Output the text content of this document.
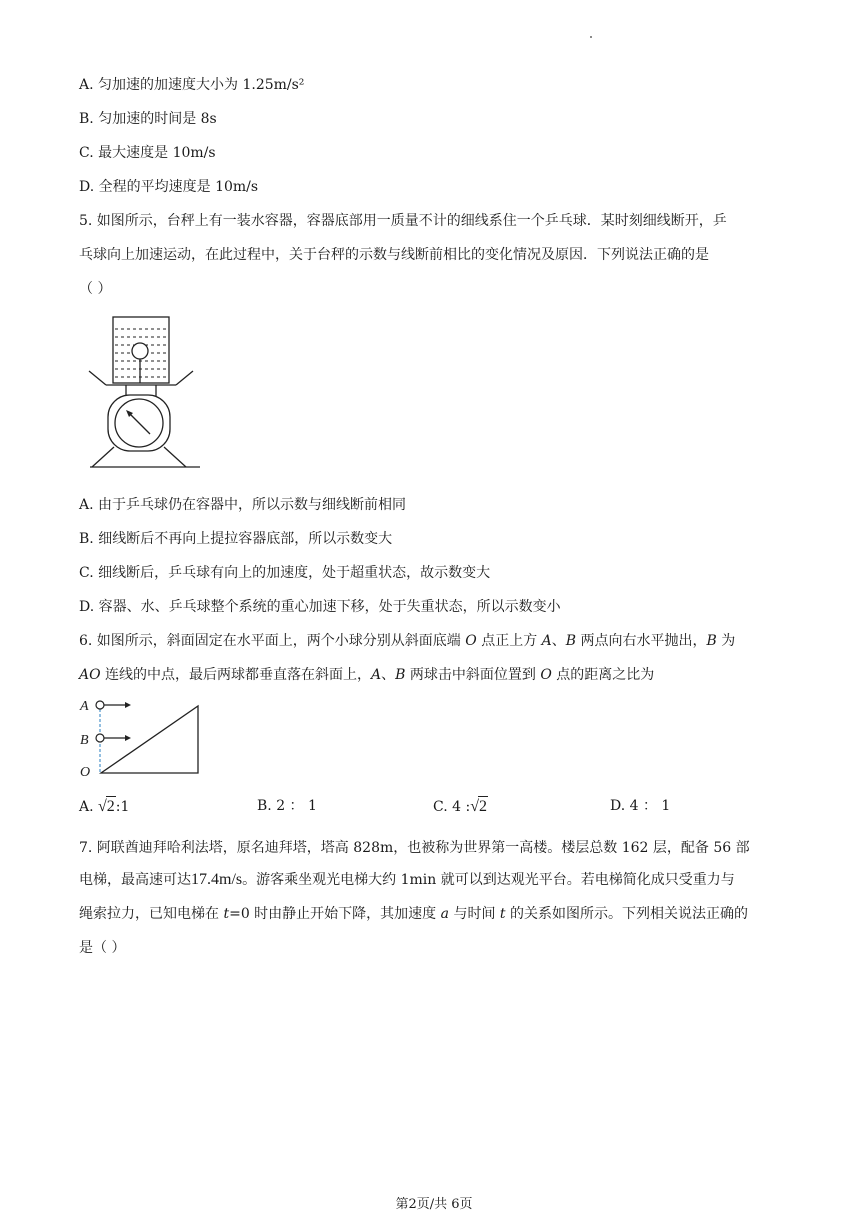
A. 匀加速的加速度大小为 1.25m/s²
B. 匀加速的时间是 8s
C. 最大速度是 10m/s
D. 全程的平均速度是 10m/s
5. 如图所示，台秤上有一装水容器，容器底部用一质量不计的细线系住一个乒乓球．某时刻细线断开，乒
乓球向上加速运动，在此过程中，关于台秤的示数与线断前相比的变化情况及原因．下列说法正确的是
（ ）
A. 由于乒乓球仍在容器中，所以示数与细线断前相同
B. 细线断后不再向上提拉容器底部，所以示数变大
C. 细线断后，乒乓球有向上的加速度，处于超重状态，故示数变大
D. 容器、水、乒乓球整个系统的重心加速下移，处于失重状态，所以示数变小
6. 如图所示，斜面固定在水平面上，两个小球分别从斜面底端 O 点正上方 A、B 两点向右水平抛出，B 为
AO 连线的中点，最后两球都垂直落在斜面上，A、B 两球击中斜面位置到 O 点的距离之比为
A
B
O
A. √2:1	B. 2 ： 1	C. 4 :√2	D. 4 ： 1
7. 阿联酋迪拜哈利法塔，原名迪拜塔，塔高 828m，也被称为世界第一高楼。楼层总数 162 层，配备 56 部
电梯，最高速可达17.4m/s。游客乘坐观光电梯大约 1min 就可以到达观光平台。若电梯简化成只受重力与
绳索拉力，已知电梯在 t=0 时由静止开始下降，其加速度 a 与时间 t 的关系如图所示。下列相关说法正确的
是（ ）
第2页/共 6页
